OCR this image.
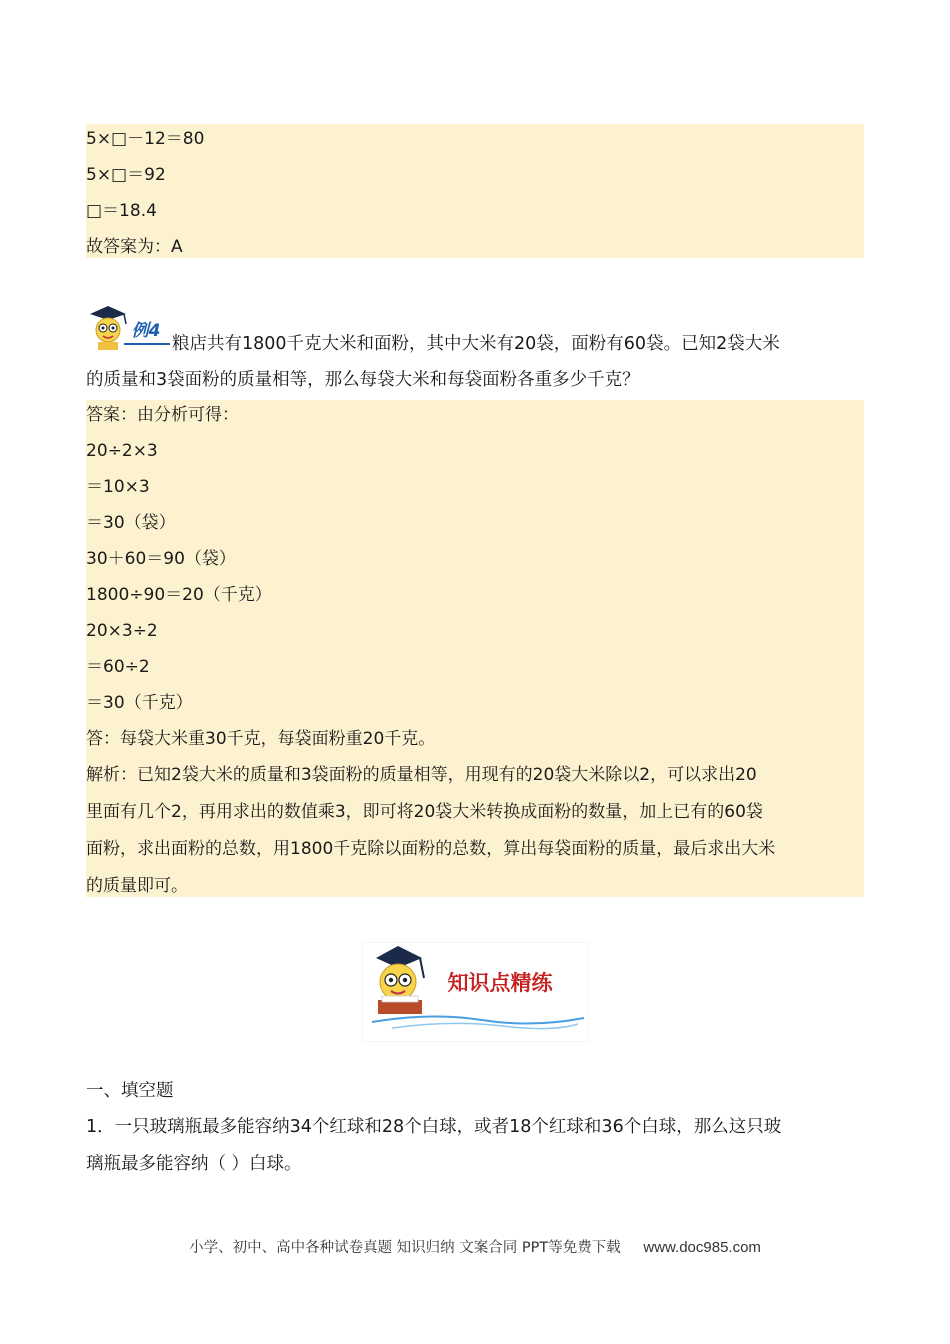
5×□－12＝80
5×□＝92
□＝18.4
故答案为：A
例4
粮店共有1800千克大米和面粉，其中大米有20袋，面粉有60袋。已知2袋大米
的质量和3袋面粉的质量相等，那么每袋大米和每袋面粉各重多少千克？
答案：由分析可得：
20÷2×3
＝10×3
＝30（袋）
30＋60＝90（袋）
1800÷90＝20（千克）
20×3÷2
＝60÷2
＝30（千克）
答：每袋大米重30千克，每袋面粉重20千克。
解析：已知2袋大米的质量和3袋面粉的质量相等，用现有的20袋大米除以2，可以求出20
里面有几个2，再用求出的数值乘3，即可将20袋大米转换成面粉的数量，加上已有的60袋
面粉，求出面粉的总数，用1800千克除以面粉的总数，算出每袋面粉的质量，最后求出大米
的质量即可。
知识点精练
一、填空题
1．一只玻璃瓶最多能容纳34个红球和28个白球，或者18个红球和36个白球，那么这只玻
璃瓶最多能容纳（ ）白球。
小学、初中、高中各种试卷真题 知识归纳 文案合同 PPT等免费下载 www.doc985.com
